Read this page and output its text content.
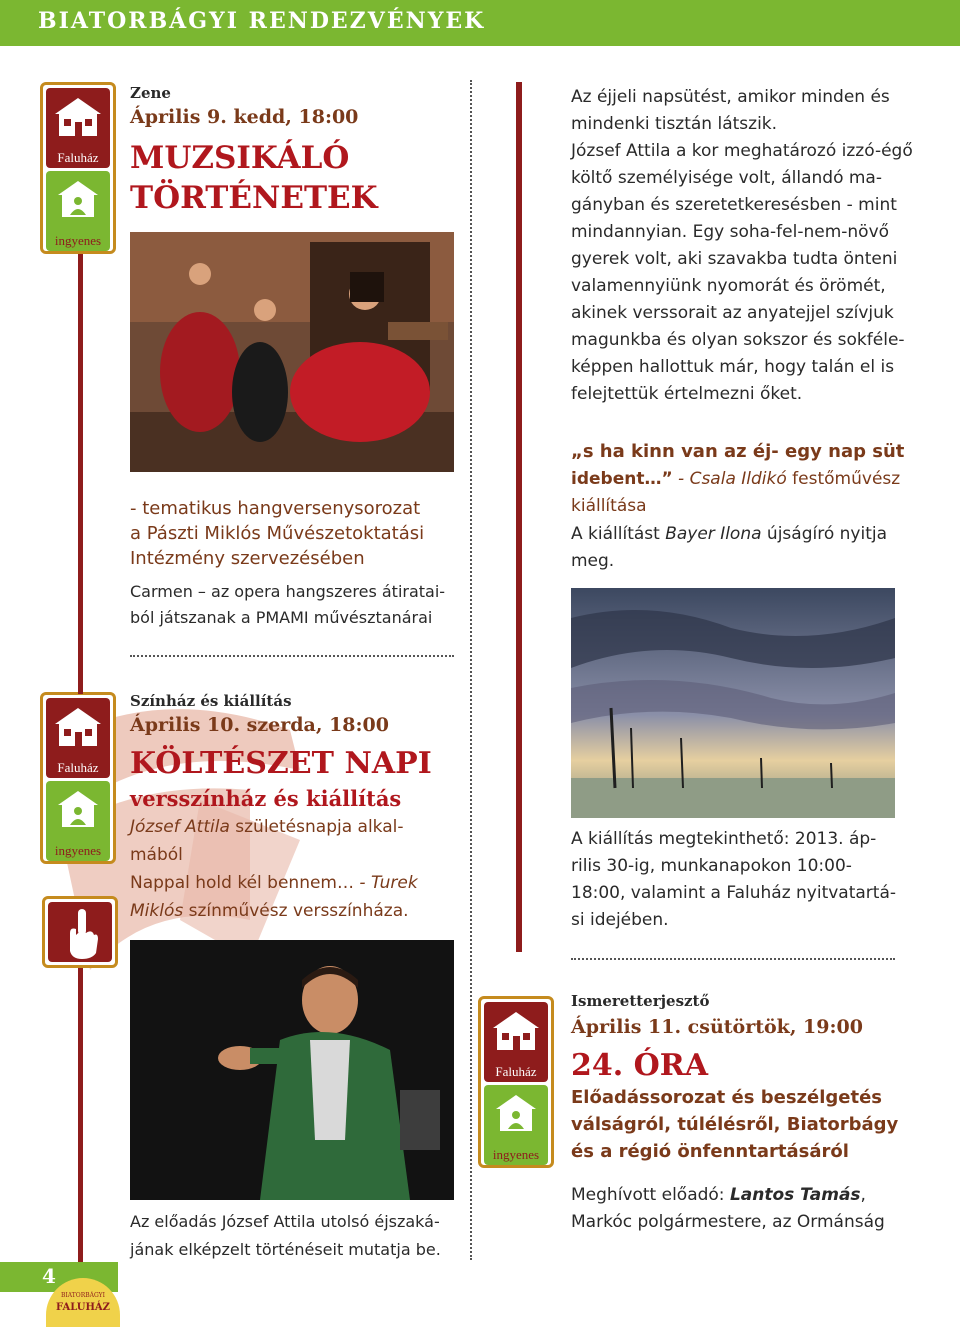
BIATORBÁGYI RENDEZVÉNYEK
Faluház
ingyenes
Faluház
ingyenes
Zene
Április 9. kedd, 18:00
MUZSIKÁLÓ
TÖRTÉNETEK
- tematikus hangversenysorozat
a Pászti Miklós Művészetoktatási
Intézmény szervezésében
Carmen – az opera hangszeres átiratai-
ból játszanak a PMAMI művésztanárai
Színház és kiállítás
Április 10. szerda, 18:00
KÖLTÉSZET NAPI
versszínház és kiállítás
József Attila születésnapja alkal-
mából
Nappal hold kél bennem… - Turek
Miklós színművész versszínháza.
Az előadás József Attila utolsó éjszaká-
jának elképzelt történéseit mutatja be.
Az éjjeli napsütést, amikor minden és
mindenki tisztán látszik.
József Attila a kor meghatározó izzó-égő
költő személyisége volt, állandó ma-
gányban és szeretetkeresésben - mint
mindannyian. Egy soha-fel-nem-növő
gyerek volt, aki szavakba tudta önteni
valamennyiünk nyomorát és örömét,
akinek verssorait az anyatejjel szívjuk
magunkba és olyan sokszor és sokféle-
képpen hallottuk már, hogy talán el is
felejtettük értelmezni őket.
„s ha kinn van az éj- egy nap süt
idebent…” - Csala Ildikó festőművész
kiállítása
A kiállítást Bayer Ilona újságíró nyitja
meg.
A kiállítás megtekinthető: 2013. áp-
rilis 30-ig, munkanapokon 10:00-
18:00, valamint a Faluház nyitvatartá-
si idejében.
Faluház
ingyenes
Ismeretterjesztő
Április 11. csütörtök, 19:00
24. ÓRA
Előadássorozat és beszélgetés
válságról, túlélésről, Biatorbágy
és a régió önfenntartásáról
Meghívott előadó: Lantos Tamás,
Markóc polgármestere, az Ormánság
4
BIATORBÁGYI
FALUHÁZ
